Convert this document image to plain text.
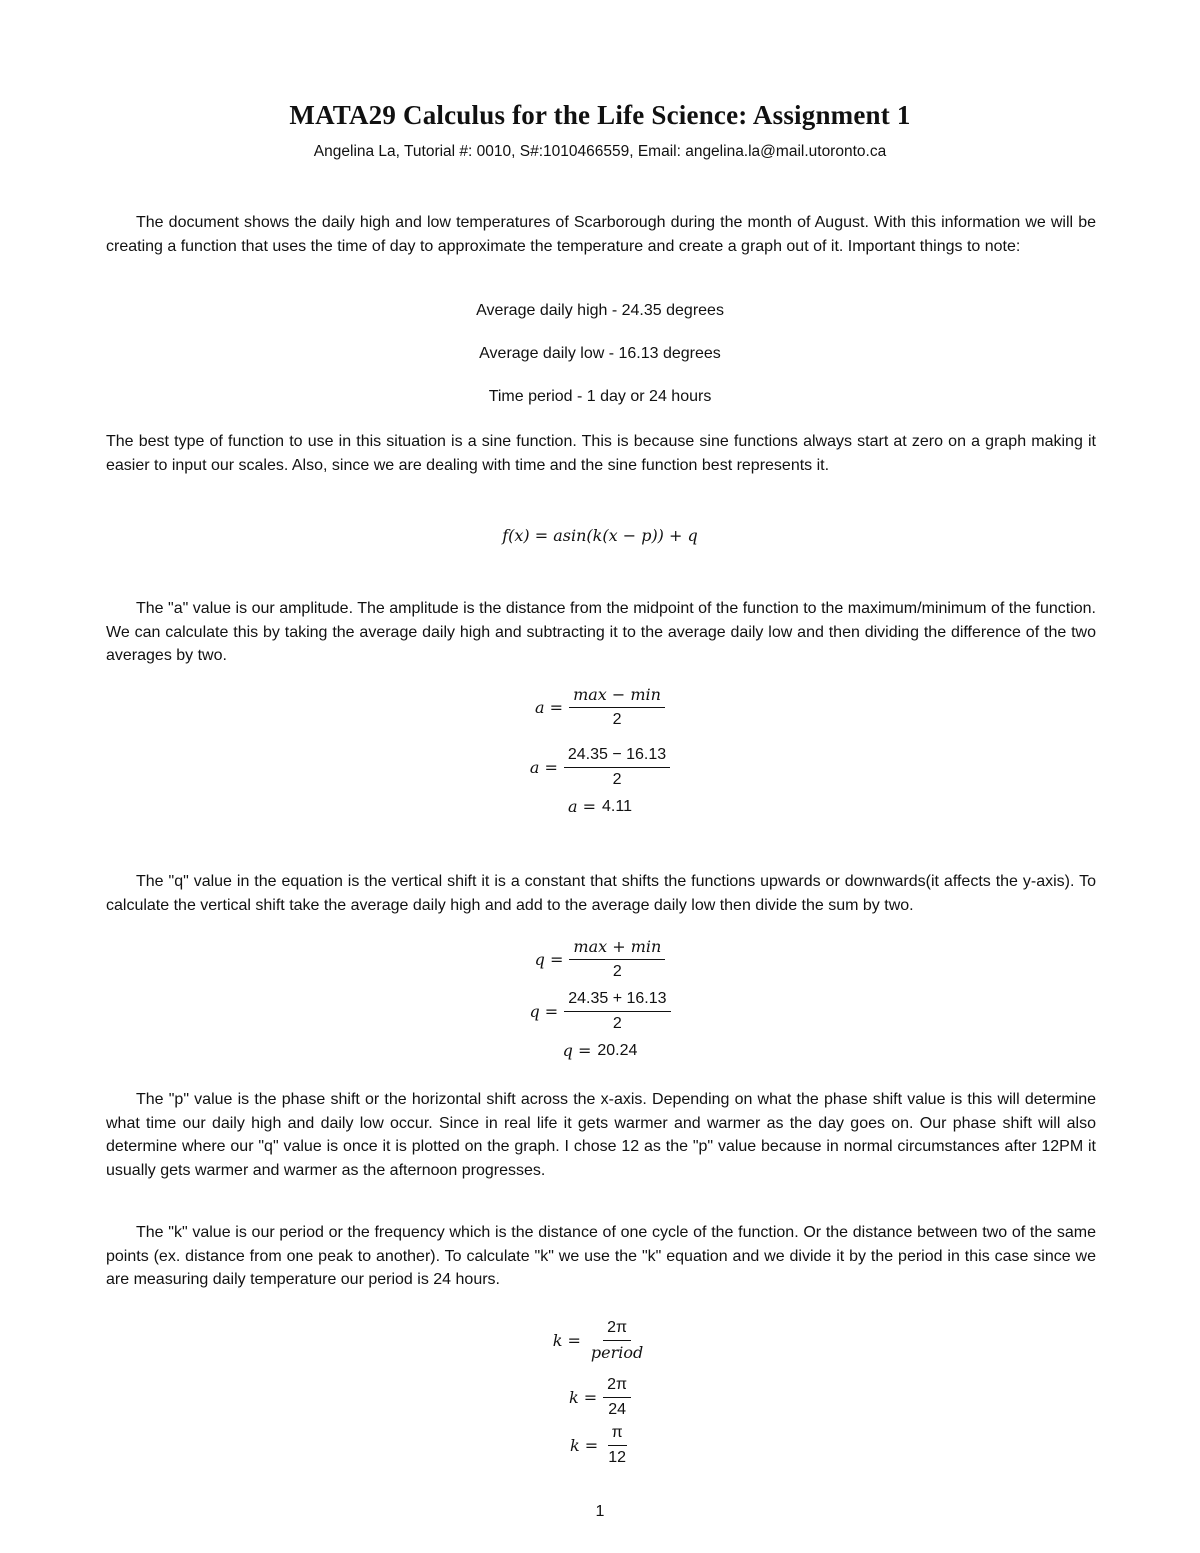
MATA29 Calculus for the Life Science: Assignment 1
Angelina La, Tutorial #: 0010, S#:1010466559, Email: angelina.la@mail.utoronto.ca

The document shows the daily high and low temperatures of Scarborough during the month of August. With this information we will be creating a function that uses the time of day to approximate the temperature and create a graph out of it. Important things to note:

Average daily high - 24.35 degrees
Average daily low - 16.13 degrees
Time period - 1 day or 24 hours

The best type of function to use in this situation is a sine function. This is because sine functions always start at zero on a graph making it easier to input our scales. Also, since we are dealing with time and the sine function best represents it.

f(x) = asin(k(x − p)) + q

The "a" value is our amplitude. The amplitude is the distance from the midpoint of the function to the maximum/minimum of the function. We can calculate this by taking the average daily high and subtracting it to the average daily low and then dividing the difference of the two averages by two.

$a = \frac{\max - \min}{2}$
$a = \frac{24.35 - 16.13}{2}$
a = 4.11

The "q" value in the equation is the vertical shift it is a constant that shifts the functions upwards or downwards(it affects the y-axis). To calculate the vertical shift take the average daily high and add to the average daily low then divide the sum by two.

$q = \frac{\max + \min}{2}$
$q = \frac{24.35 + 16.13}{2}$
q = 20.24

The "p" value is the phase shift or the horizontal shift across the x-axis. Depending on what the phase shift value is this will determine what time our daily high and daily low occur. Since in real life it gets warmer and warmer as the day goes on. Our phase shift will also determine where our "q" value is once it is plotted on the graph. I chose 12 as the "p" value because in normal circumstances after 12PM it usually gets warmer and warmer as the afternoon progresses.

The "k" value is our period or the frequency which is the distance of one cycle of the function. Or the distance between two of the same points (ex. distance from one peak to another). To calculate "k" we use the "k" equation and we divide it by the period in this case since we are measuring daily temperature our period is 24 hours.

$k = \frac{2\pi}{\text{period}}$
$k = \frac{2\pi}{24}$
$k = \frac{\pi}{12}$
1
